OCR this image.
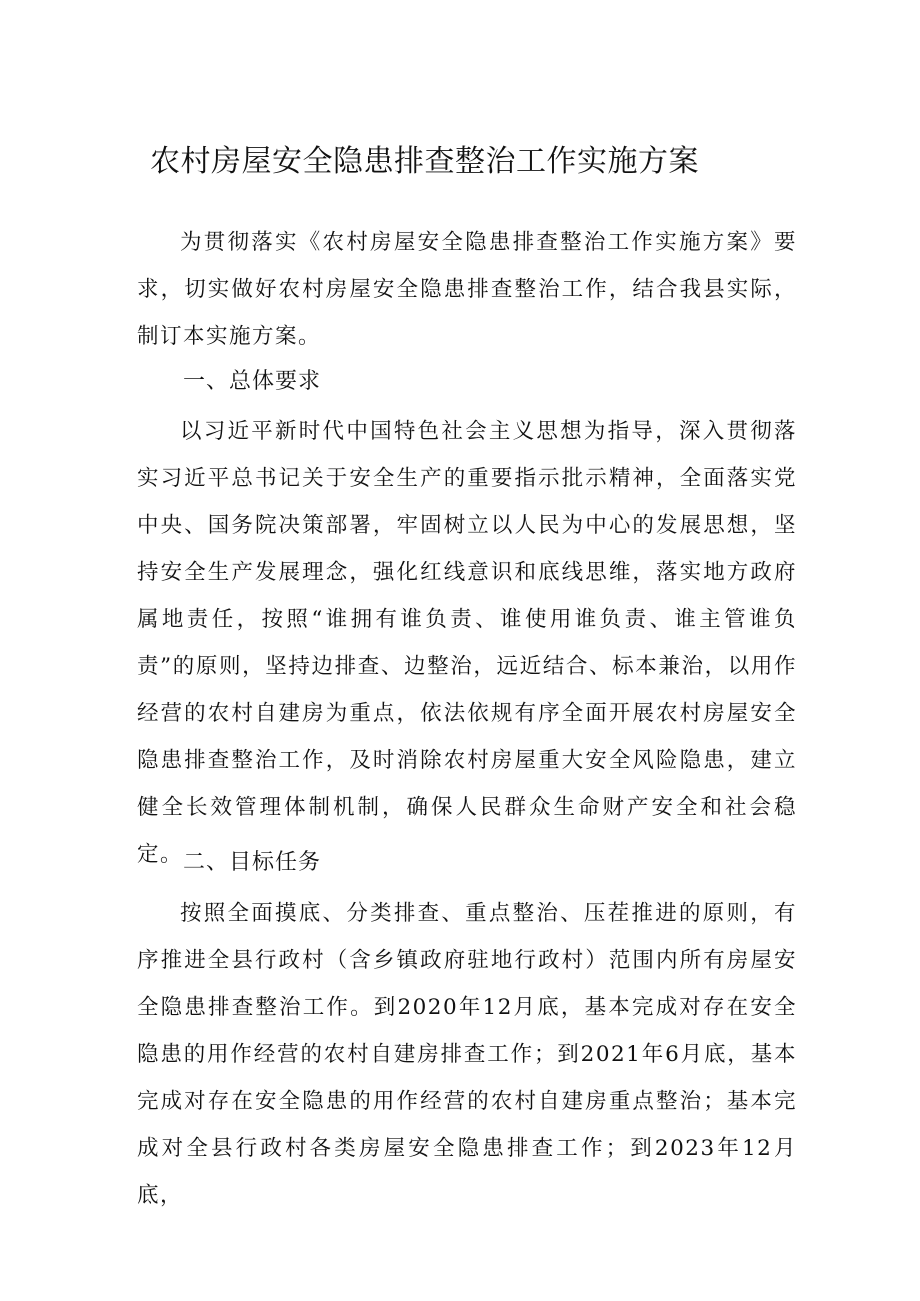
农村房屋安全隐患排查整治工作实施方案

为贯彻落实《农村房屋安全隐患排查整治工作实施方案》要求，切实做好农村房屋安全隐患排查整治工作，结合我县实际，制订本实施方案。

一、总体要求

以习近平新时代中国特色社会主义思想为指导，深入贯彻落实习近平总书记关于安全生产的重要指示批示精神，全面落实党中央、国务院决策部署，牢固树立以人民为中心的发展思想，坚持安全生产发展理念，强化红线意识和底线思维，落实地方政府属地责任，按照“谁拥有谁负责、谁使用谁负责、谁主管谁负责”的原则，坚持边排查、边整治，远近结合、标本兼治，以用作经营的农村自建房为重点，依法依规有序全面开展农村房屋安全隐患排查整治工作，及时消除农村房屋重大安全风险隐患，建立健全长效管理体制机制，确保人民群众生命财产安全和社会稳定。 二、目标任务

按照全面摸底、分类排查、重点整治、压茬推进的原则，有序推进全县行政村（含乡镇政府驻地行政村）范围内所有房屋安全隐患排查整治工作。到2020年12月底，基本完成对存在安全隐患的用作经营的农村自建房排查工作；到2021年6月底，基本完成对存在安全隐患的用作经营的农村自建房重点整治；基本完成对全县行政村各类房屋安全隐患排查工作；到2023年12月底，
